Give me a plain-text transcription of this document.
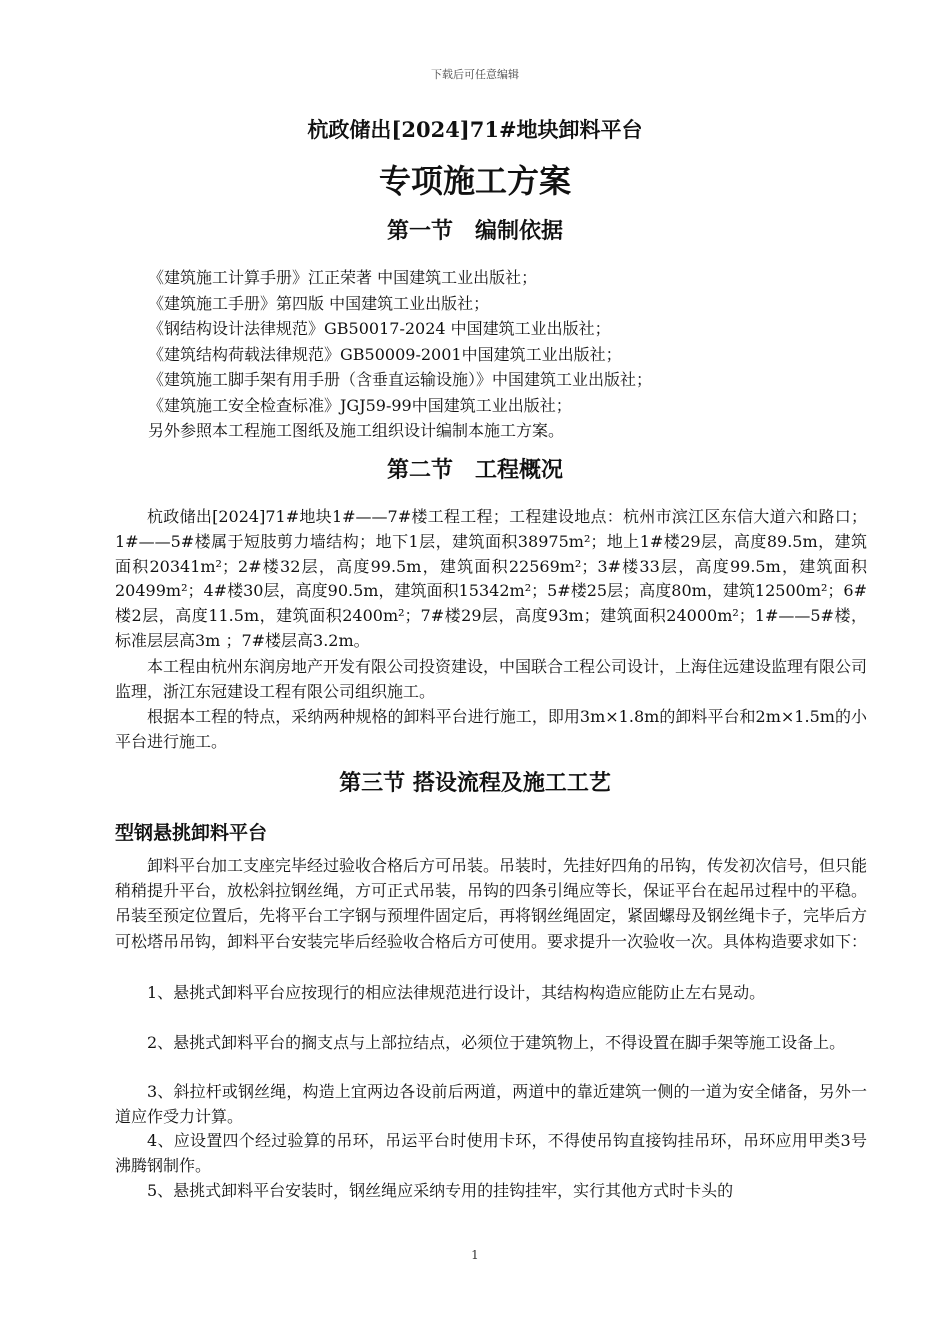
下载后可任意编辑
杭政储出[2024]71#地块卸料平台
专项施工方案
第一节　编制依据
《建筑施工计算手册》江正荣著 中国建筑工业出版社；
《建筑施工手册》第四版 中国建筑工业出版社；
《钢结构设计法律规范》GB50017-2024 中国建筑工业出版社；
《建筑结构荷载法律规范》GB50009-2001中国建筑工业出版社；
《建筑施工脚手架有用手册（含垂直运输设施）》中国建筑工业出版社；
《建筑施工安全检查标准》JGJ59-99中国建筑工业出版社；
另外参照本工程施工图纸及施工组织设计编制本施工方案。
第二节　工程概况

杭政储出[2024]71#地块1#——7#楼工程工程；工程建设地点：杭州市滨江区东信大道六和路口；1#——5#楼属于短肢剪力墙结构；地下1层，建筑面积38975m²；地上1#楼29层，高度89.5m，建筑面积20341m²；2#楼32层，高度99.5m，建筑面积22569m²；3#楼33层，高度99.5m，建筑面积20499m²；4#楼30层，高度90.5m，建筑面积15342m²；5#楼25层；高度80m，建筑12500m²；6#楼2层，高度11.5m，建筑面积2400m²；7#楼29层，高度93m；建筑面积24000m²；1#——5#楼，标准层层高3m ；7#楼层高3.2m。

本工程由杭州东润房地产开发有限公司投资建设，中国联合工程公司设计，上海住远建设监理有限公司监理，浙江东冠建设工程有限公司组织施工。

根据本工程的特点，采纳两种规格的卸料平台进行施工，即用3m×1.8m的卸料平台和2m×1.5m的小平台进行施工。

第三节 搭设流程及施工工艺
型钢悬挑卸料平台

卸料平台加工支座完毕经过验收合格后方可吊装。吊装时，先挂好四角的吊钩，传发初次信号，但只能稍稍提升平台，放松斜拉钢丝绳，方可正式吊装，吊钩的四条引绳应等长，保证平台在起吊过程中的平稳。吊装至预定位置后，先将平台工字钢与预埋件固定后，再将钢丝绳固定，紧固螺母及钢丝绳卡子，完毕后方可松塔吊吊钩，卸料平台安装完毕后经验收合格后方可使用。要求提升一次验收一次。具体构造要求如下：

1、悬挑式卸料平台应按现行的相应法律规范进行设计，其结构构造应能防止左右晃动。

2、悬挑式卸料平台的搁支点与上部拉结点，必须位于建筑物上，不得设置在脚手架等施工设备上。

3、斜拉杆或钢丝绳，构造上宜两边各设前后两道，两道中的靠近建筑一侧的一道为安全储备，另外一道应作受力计算。

4、应设置四个经过验算的吊环，吊运平台时使用卡环，不得使吊钩直接钩挂吊环，吊环应用甲类3号沸腾钢制作。

5、悬挑式卸料平台安装时，钢丝绳应采纳专用的挂钩挂牢，实行其他方式时卡头的

1
